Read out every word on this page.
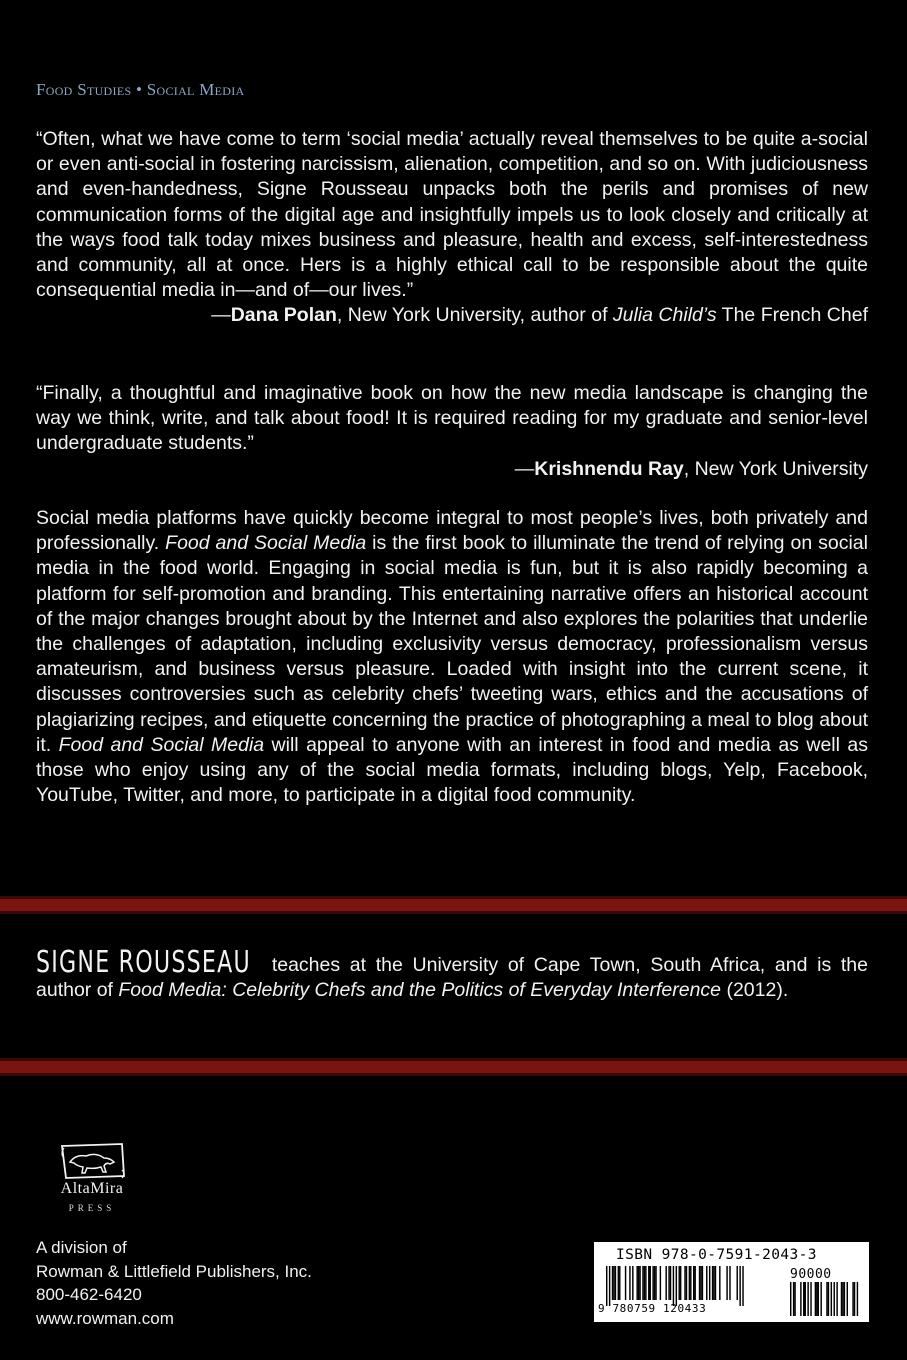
Food Studies • Social Media
“Often, what we have come to term ‘social media’ actually reveal themselves to be quite a-social or even anti-social in fostering narcissism, alienation, competition, and so on. With judiciousness and even-handedness, Signe Rousseau unpacks both the perils and promises of new communication forms of the digital age and insightfully impels us to look closely and critically at the ways food talk today mixes business and pleasure, health and excess, self-interestedness and community, all at once. Hers is a highly ethical call to be responsible about the quite consequential media in—and of—our lives.”
—Dana Polan, New York University, author of Julia Child’s The French Chef
“Finally, a thoughtful and imaginative book on how the new media landscape is changing the way we think, write, and talk about food! It is required reading for my graduate and senior-level undergraduate students.”
—Krishnendu Ray, New York University
Social media platforms have quickly become integral to most people’s lives, both privately and professionally. Food and Social Media is the first book to illuminate the trend of relying on social media in the food world. Engaging in social media is fun, but it is also rapidly becoming a platform for self-promotion and branding. This entertaining narrative offers an historical account of the major changes brought about by the Internet and also explores the polarities that underlie the challenges of adaptation, including exclusivity versus democracy, professionalism versus amateurism, and business versus pleasure. Loaded with insight into the current scene, it discusses controversies such as celebrity chefs’ tweeting wars, ethics and the accusations of plagiarizing recipes, and etiquette concerning the practice of photographing a meal to blog about it. Food and Social Media will appeal to anyone with an interest in food and media as well as those who enjoy using any of the social media formats, including blogs, Yelp, Facebook, YouTube, Twitter, and more, to participate in a digital food community.
SIGNE ROUSSEAU teaches at the University of Cape Town, South Africa, and is the author of Food Media: Celebrity Chefs and the Politics of Everyday Interference (2012).
AltaMira
PRESS
A division of
Rowman & Littlefield Publishers, Inc.
800-462-6420
www.rowman.com
ISBN 978-0-7591-2043-3
90000
9 780759 120433
